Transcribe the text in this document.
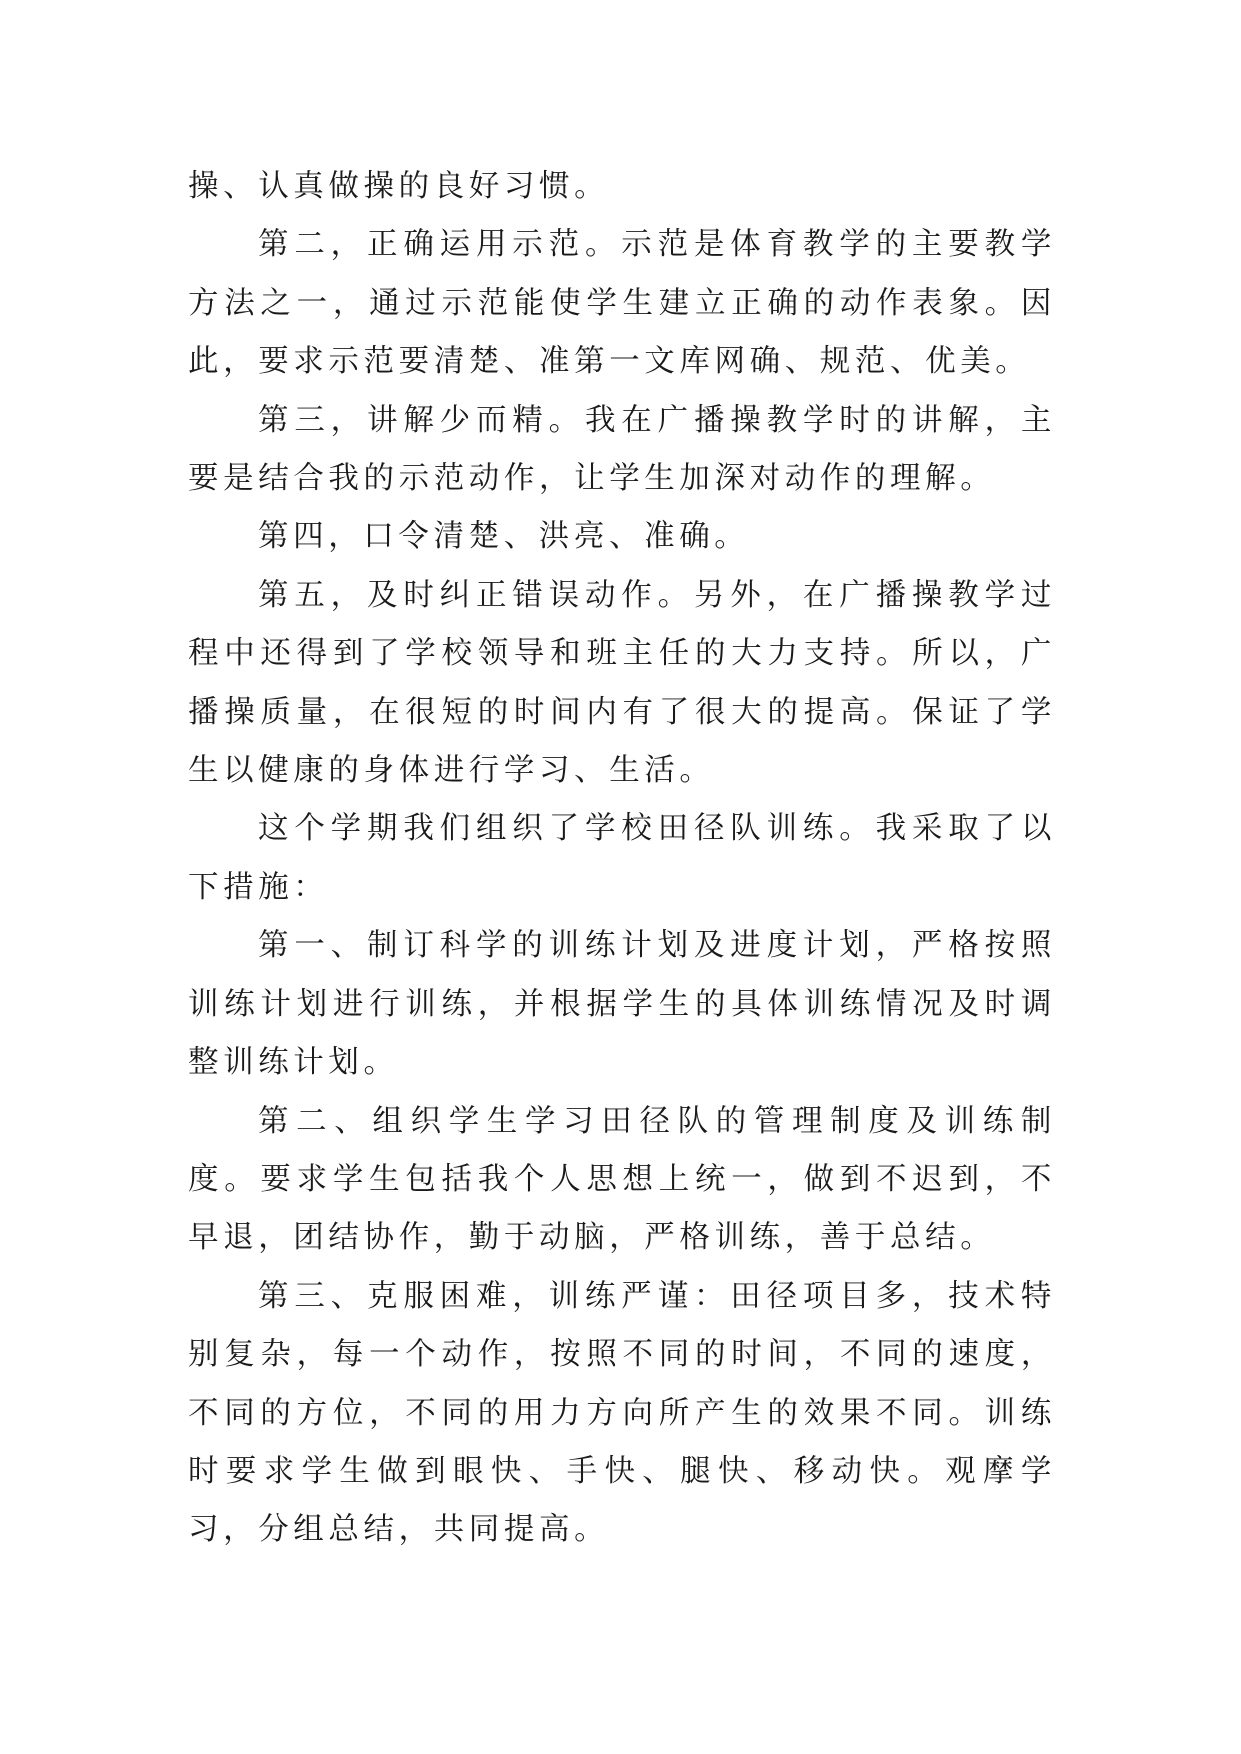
操、认真做操的良好习惯。

第二，正确运用示范。示范是体育教学的主要教学方法之一，通过示范能使学生建立正确的动作表象。因此，要求示范要清楚、准第一文库网确、规范、优美。

第三，讲解少而精。我在广播操教学时的讲解，主要是结合我的示范动作，让学生加深对动作的理解。

第四，口令清楚、洪亮、准确。

第五，及时纠正错误动作。另外，在广播操教学过程中还得到了学校领导和班主任的大力支持。所以，广播操质量，在很短的时间内有了很大的提高。保证了学生以健康的身体进行学习、生活。

这个学期我们组织了学校田径队训练。我采取了以下措施：

第一、制订科学的训练计划及进度计划，严格按照训练计划进行训练，并根据学生的具体训练情况及时调整训练计划。

第二、组织学生学习田径队的管理制度及训练制度。要求学生包括我个人思想上统一，做到不迟到，不早退，团结协作，勤于动脑，严格训练，善于总结。

第三、克服困难，训练严谨：田径项目多，技术特别复杂，每一个动作，按照不同的时间，不同的速度，不同的方位，不同的用力方向所产生的效果不同。训练时要求学生做到眼快、手快、腿快、移动快。观摩学习，分组总结，共同提高。
